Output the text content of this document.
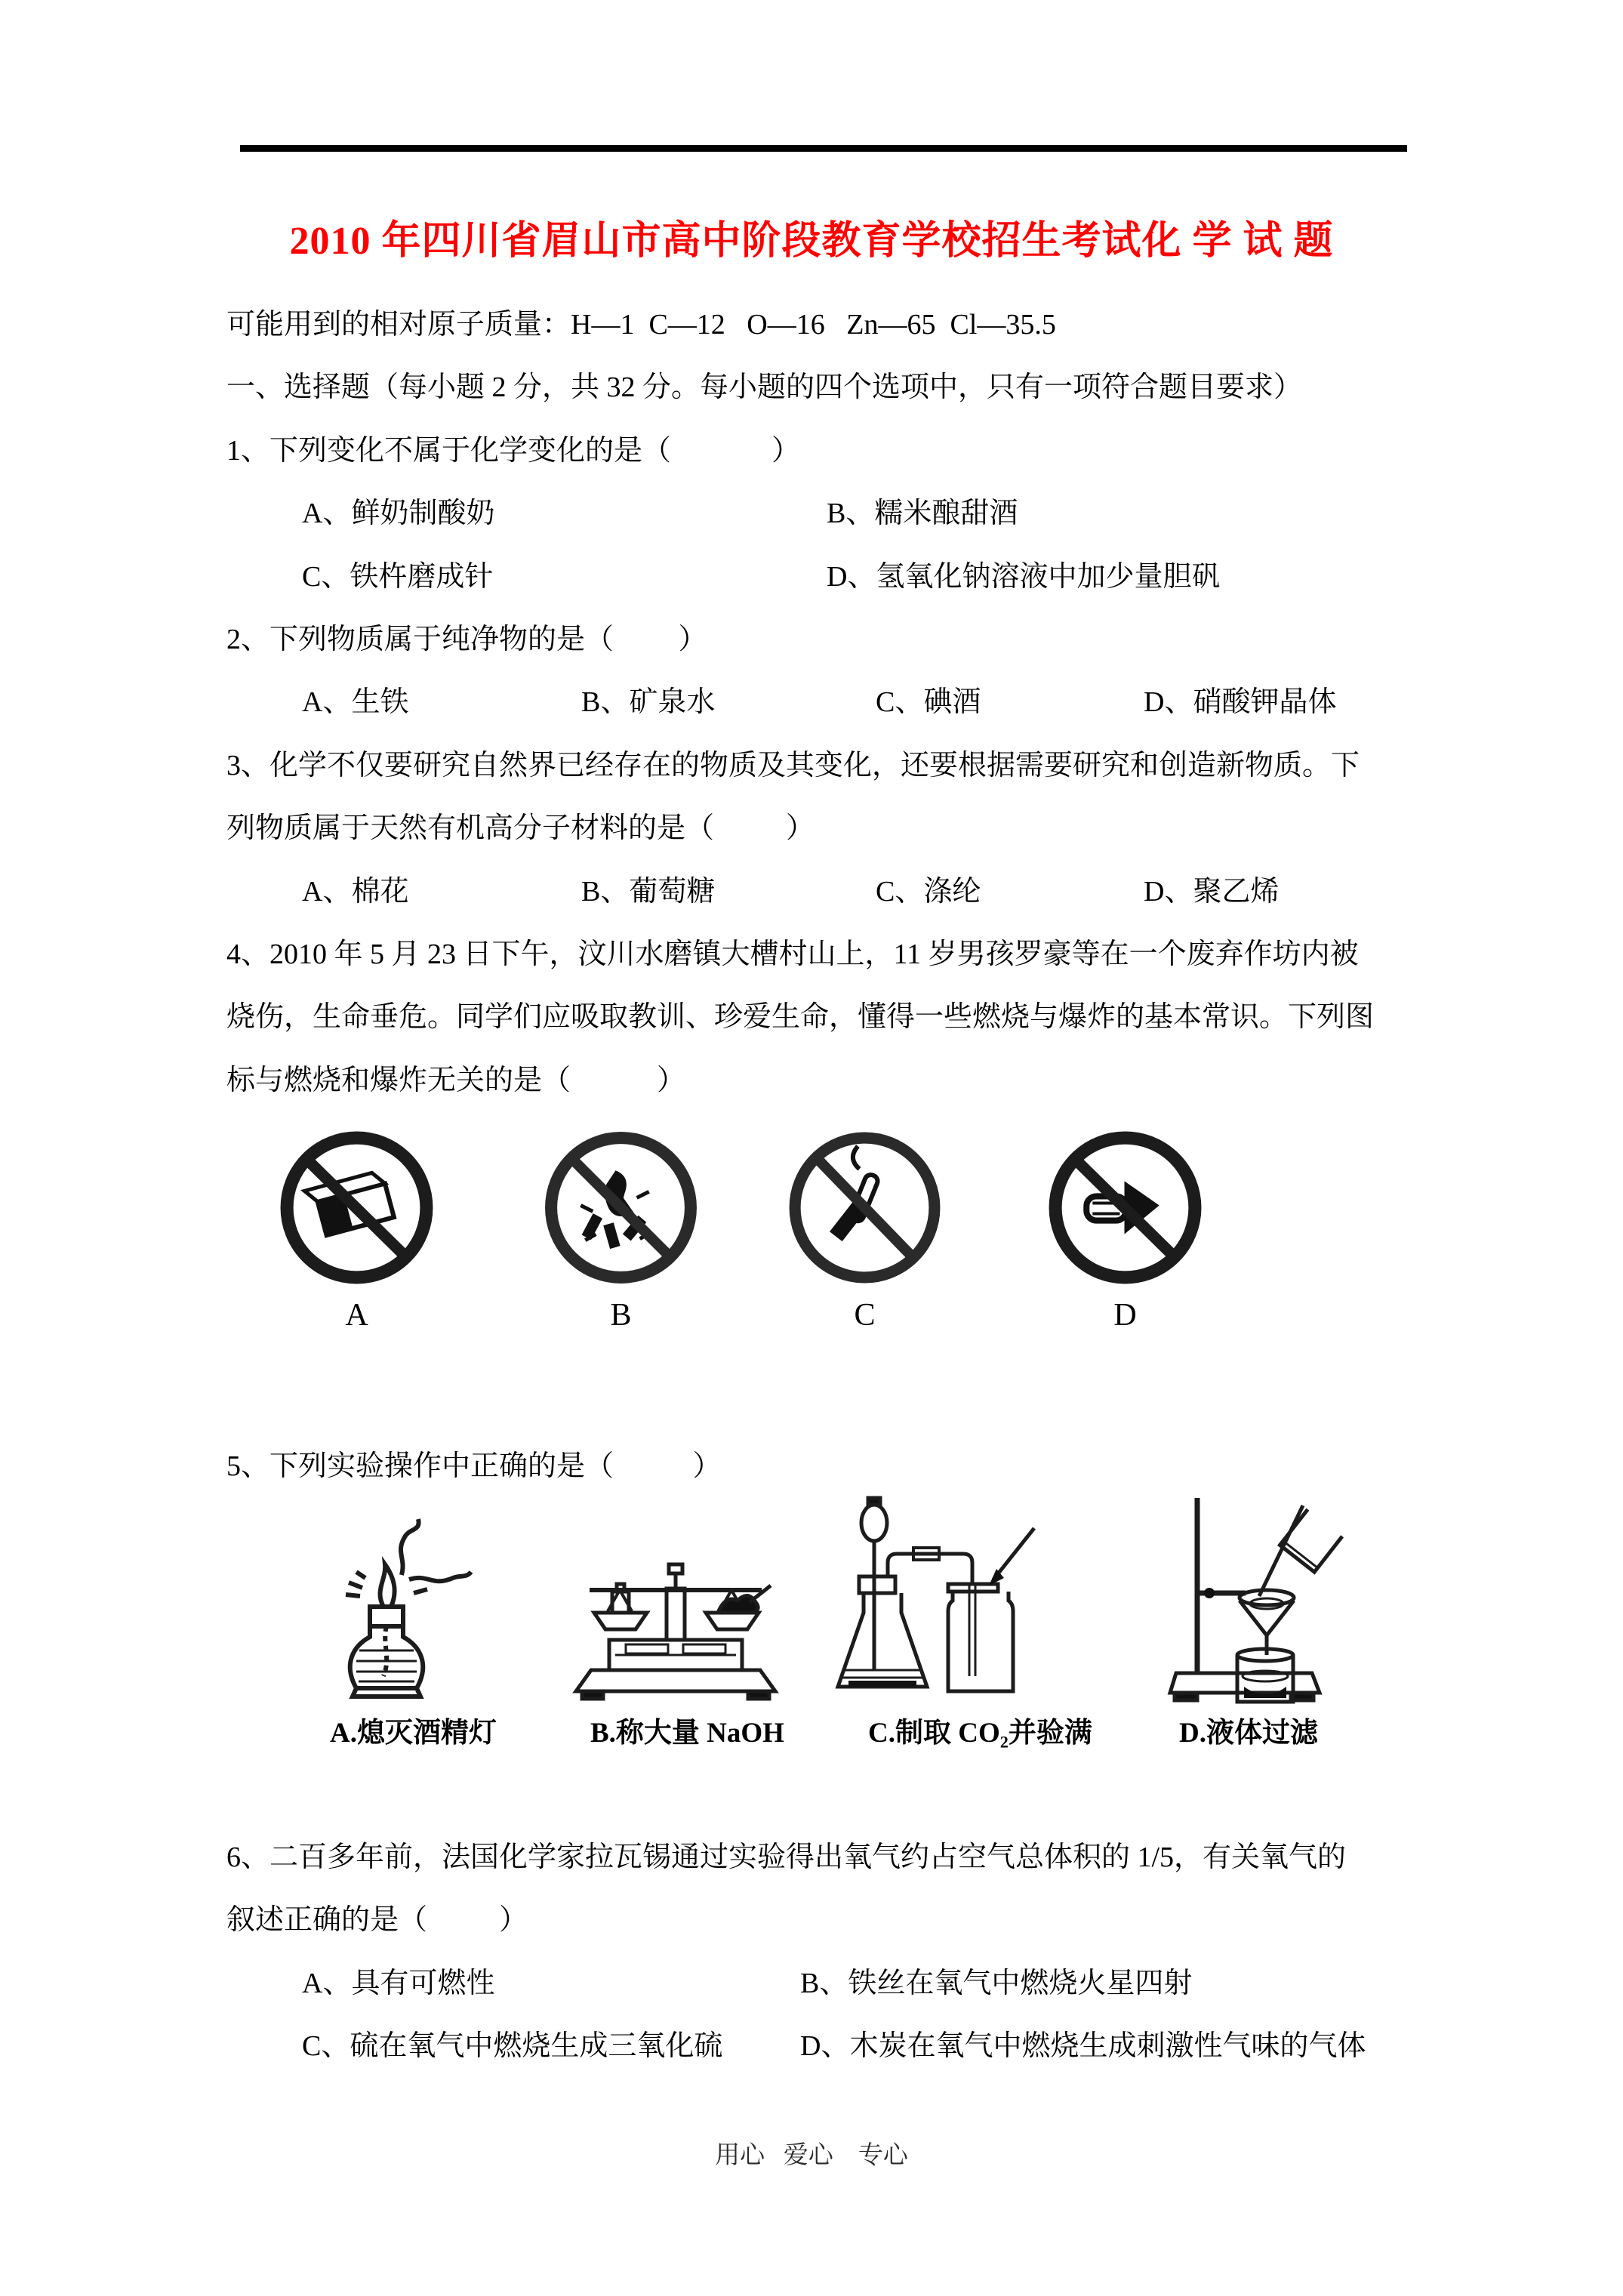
2010 年四川省眉山市高中阶段教育学校招生考试化 学 试 题
可能用到的相对原子质量：H—1  C—12   O—16   Zn—65  Cl—35.5
一、选择题（每小题 2 分，共 32 分。每小题的四个选项中，只有一项符合题目要求）
1、下列变化不属于化学变化的是（              ）
A、鲜奶制酸奶	B、糯米酿甜酒
C、铁杵磨成针	D、氢氧化钠溶液中加少量胆矾
2、下列物质属于纯净物的是（         ）
A、生铁	B、矿泉水	C、碘酒	D、硝酸钾晶体
3、化学不仅要研究自然界已经存在的物质及其变化，还要根据需要研究和创造新物质。下
列物质属于天然有机高分子材料的是（          ）
A、棉花	B、葡萄糖	C、涤纶	D、聚乙烯
4、2010 年 5 月 23 日下午，汶川水磨镇大槽村山上，11 岁男孩罗豪等在一个废弃作坊内被
烧伤，生命垂危。同学们应吸取教训、珍爱生命，懂得一些燃烧与爆炸的基本常识。下列图
标与燃烧和爆炸无关的是（            ）
A	B	C	D
5、下列实验操作中正确的是（           ）
A.熄灭酒精灯	B.称大量 NaOH	C.制取 CO₂并验满	D.液体过滤
6、二百多年前，法国化学家拉瓦锡通过实验得出氧气约占空气总体积的 1/5，有关氧气的
叙述正确的是（          ）
A、具有可燃性	B、铁丝在氧气中燃烧火星四射
C、硫在氧气中燃烧生成三氧化硫	D、木炭在氧气中燃烧生成刺激性气味的气体
用心   爱心    专心
